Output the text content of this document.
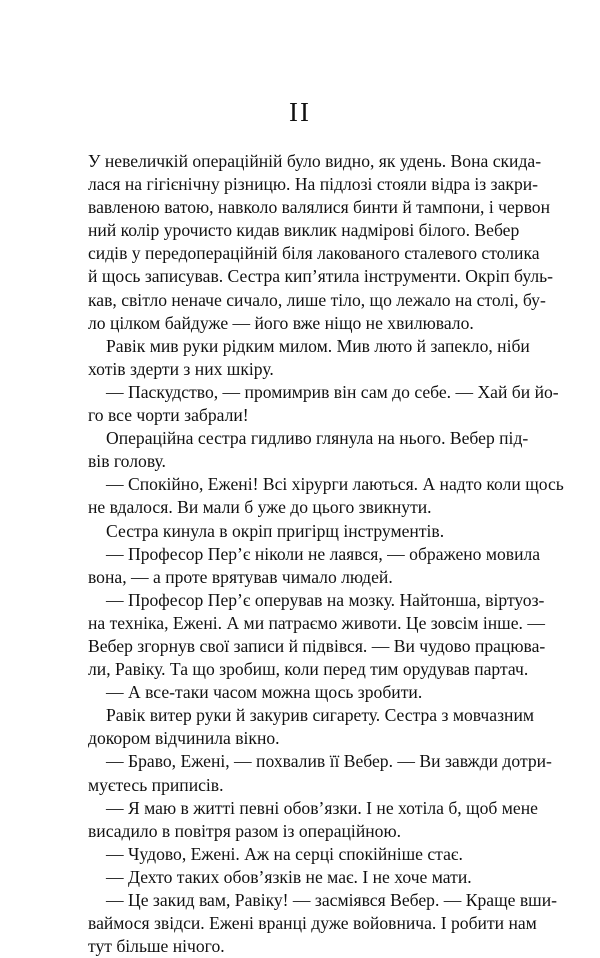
II
У невеличкій операційній було видно, як удень. Вона скида-
лася на гігієнічну різницю. На підлозі стояли відра із закри-
вавленою ватою, навколо валялися бинти й тампони, і червон
ний колір урочисто кидав виклик надмірові білого. Вебер
сидів у передопераційній біля лакованого сталевого столика
й щось записував. Сестра кип’ятила інструменти. Окріп буль-
кав, світло неначе сичало, лише тіло, що лежало на столі, бу-
ло цілком байдуже — його вже ніщо не хвилювало.
Равік мив руки рідким милом. Мив люто й запекло, ніби
хотів здерти з них шкіру.
— Паскудство, — промимрив він сам до себе. — Хай би йо-
го все чорти забрали!
Операційна сестра гидливо глянула на нього. Вебер під-
вів голову.
— Спокійно, Ежені! Всі хірурги лаються. А надто коли щось
не вдалося. Ви мали б уже до цього звикнути.
Сестра кинула в окріп пригірщ інструментів.
— Професор Пер’є ніколи не лаявся, — ображено мовила
вона, — а проте врятував чимало людей.
— Професор Пер’є оперував на мозку. Найтонша, віртуоз-
на техніка, Ежені. А ми патраємо животи. Це зовсім інше. —
Вебер згорнув свої записи й підвівся. — Ви чудово працюва-
ли, Равіку. Та що зробиш, коли перед тим орудував партач.
— А все-таки часом можна щось зробити.
Равік витер руки й закурив сигарету. Сестра з мовчазним
докором відчинила вікно.
— Браво, Ежені, — похвалив її Вебер. — Ви завжди дотри-
муєтесь приписів.
— Я маю в житті певні обов’язки. І не хотіла б, щоб мене
висадило в повітря разом із операційною.
— Чудово, Ежені. Аж на серці спокійніше стає.
— Дехто таких обов’язків не має. І не хоче мати.
— Це закид вам, Равіку! — засміявся Вебер. — Краще вши-
ваймося звідси. Ежені вранці дуже войовнича. І робити нам
тут більше нічого.
